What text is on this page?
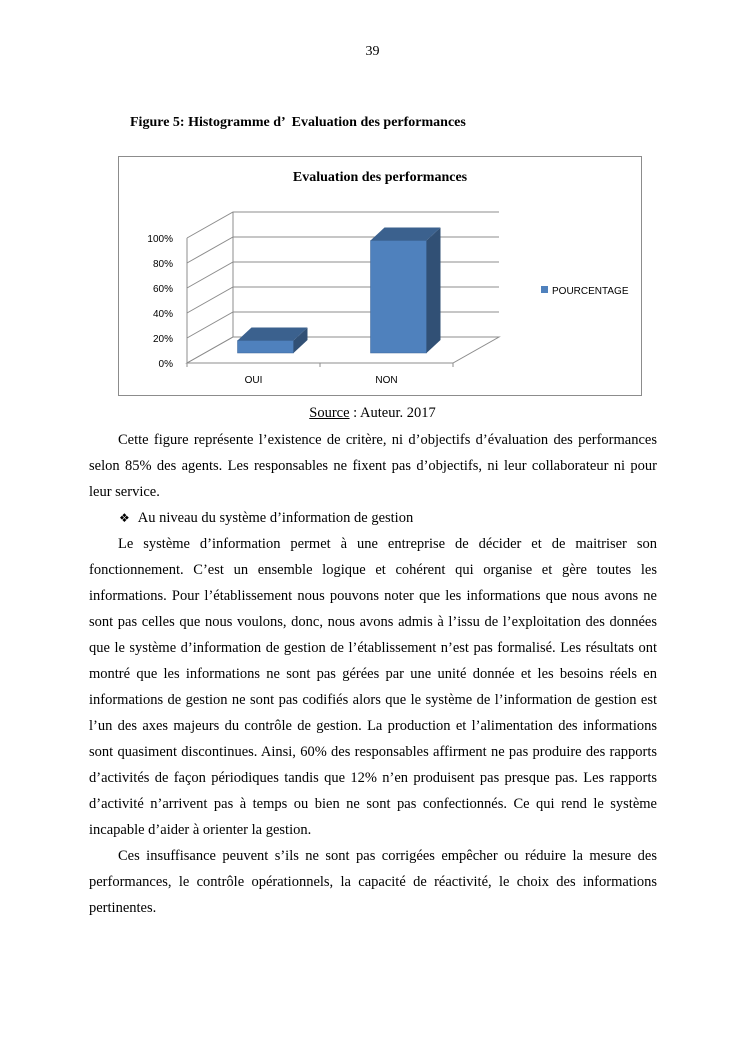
39
Figure 5: Histogramme d’  Evaluation des performances
Evaluation des performances
0%
20%
40%
60%
80%
100%
OUI	NON
POURCENTAGE
Source : Auteur. 2017

Cette figure représente l’existence de critère, ni d’objectifs d’évaluation des performances selon 85% des agents. Les responsables ne fixent pas d’objectifs, ni leur collaborateur ni pour leur service.

❖ Au niveau du système d’information de gestion

Le système d’information permet à une entreprise de décider et de maitriser son fonctionnement. C’est un ensemble logique et cohérent qui organise et gère toutes les informations. Pour l’établissement nous pouvons noter que les informations que nous avons ne sont pas celles que nous voulons, donc, nous avons admis à l’issu de l’exploitation des données que le système d’information de gestion de l’établissement n’est pas formalisé. Les résultats ont montré que les informations ne sont pas gérées par une unité donnée et les besoins réels en informations de gestion ne sont pas codifiés alors que le système de l’information de gestion est l’un des axes majeurs du contrôle de gestion. La production et l’alimentation des informations sont quasiment discontinues. Ainsi, 60% des responsables affirment ne pas produire des rapports d’activités de façon périodiques tandis que 12% n’en produisent pas presque pas. Les rapports d’activité n’arrivent pas à temps ou bien ne sont pas confectionnés. Ce qui rend le système incapable d’aider à orienter la gestion.

Ces insuffisance peuvent s’ils ne sont pas corrigées empêcher ou réduire la mesure des performances, le contrôle opérationnels, la capacité de réactivité, le choix des informations pertinentes.
